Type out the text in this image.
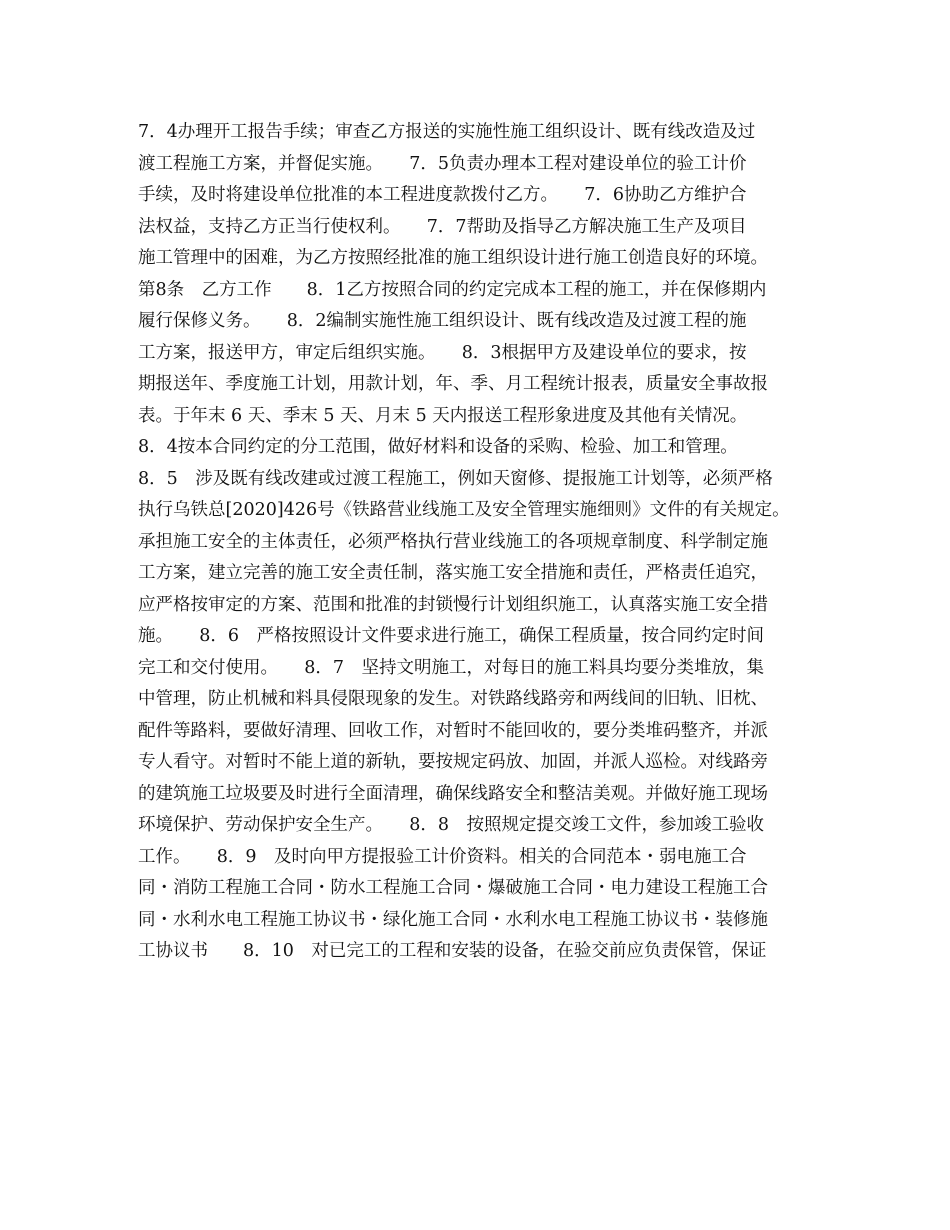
7．4办理开工报告手续；审查乙方报送的实施性施工组织设计、既有线改造及过
渡工程施工方案，并督促实施。　　7．5负责办理本工程对建设单位的验工计价
手续，及时将建设单位批准的本工程进度款拨付乙方。　　7．6协助乙方维护合
法权益，支持乙方正当行使权利。　　7．7帮助及指导乙方解决施工生产及项目
施工管理中的困难，为乙方按照经批准的施工组织设计进行施工创造良好的环境。
第8条　乙方工作　　8．1乙方按照合同的约定完成本工程的施工，并在保修期内
履行保修义务。　　8．2编制实施性施工组织设计、既有线改造及过渡工程的施
工方案，报送甲方，审定后组织实施。　　8．3根据甲方及建设单位的要求，按
期报送年、季度施工计划，用款计划，年、季、月工程统计报表，质量安全事故报
表。于年末 6 天、季末 5 天、月末 5 天内报送工程形象进度及其他有关情况。
8．4按本合同约定的分工范围，做好材料和设备的采购、检验、加工和管理。
8．5　涉及既有线改建或过渡工程施工，例如天窗修、提报施工计划等，必须严格
执行乌铁总[2020]426号《铁路营业线施工及安全管理实施细则》文件的有关规定。
承担施工安全的主体责任，必须严格执行营业线施工的各项规章制度、科学制定施
工方案，建立完善的施工安全责任制，落实施工安全措施和责任，严格责任追究，
应严格按审定的方案、范围和批准的封锁慢行计划组织施工，认真落实施工安全措
施。　　8．6　严格按照设计文件要求进行施工，确保工程质量，按合同约定时间
完工和交付使用。　　8．7　坚持文明施工，对每日的施工料具均要分类堆放，集
中管理，防止机械和料具侵限现象的发生。对铁路线路旁和两线间的旧轨、旧枕、
配件等路料，要做好清理、回收工作，对暂时不能回收的，要分类堆码整齐，并派
专人看守。对暂时不能上道的新轨，要按规定码放、加固，并派人巡检。对线路旁
的建筑施工垃圾要及时进行全面清理，确保线路安全和整洁美观。并做好施工现场
环境保护、劳动保护安全生产。　　8．8　按照规定提交竣工文件，参加竣工验收
工作。　　8．9　及时向甲方提报验工计价资料。相关的合同范本・弱电施工合
同・消防工程施工合同・防水工程施工合同・爆破施工合同・电力建设工程施工合
同・水利水电工程施工协议书・绿化施工合同・水利水电工程施工协议书・装修施
工协议书　　8．10　对已完工的工程和安装的设备，在验交前应负责保管，保证
